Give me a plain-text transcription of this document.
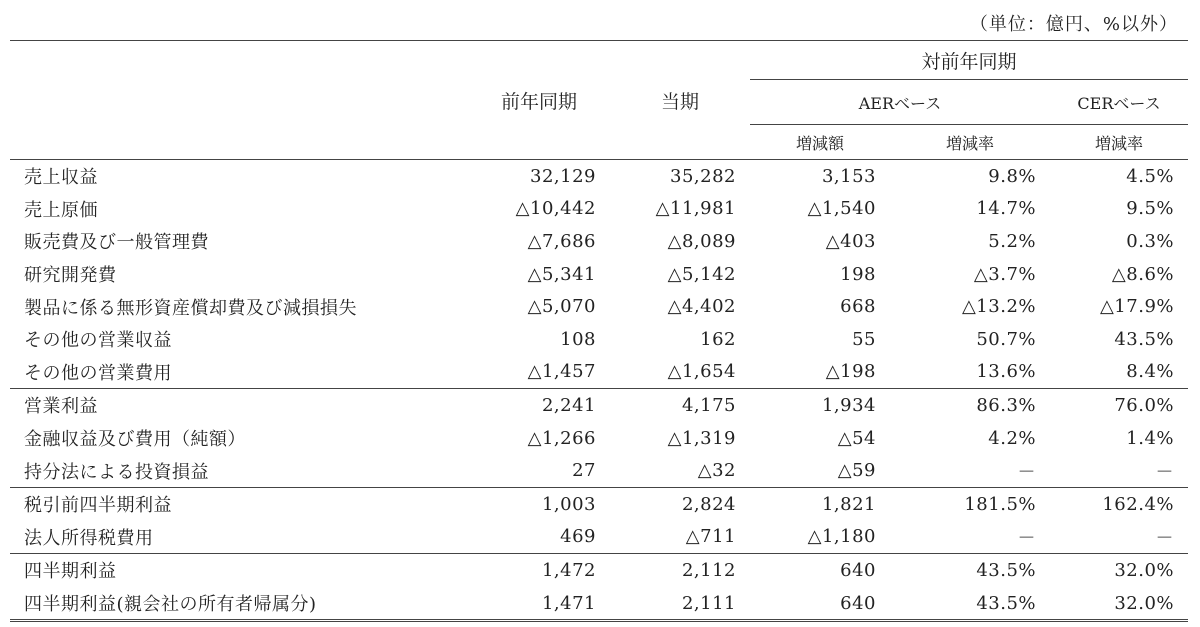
（単位：億円、%以外）
	前年同期	当期	対前年同期		
			AERベース		CERベース
			増減額	増減率	増減率
売上収益	32,129	35,282	3,153	9.8%	4.5%
売上原価	△10,442	△11,981	△1,540	14.7%	9.5%
販売費及び一般管理費	△7,686	△8,089	△403	5.2%	0.3%
研究開発費	△5,341	△5,142	198	△3.7%	△8.6%
製品に係る無形資産償却費及び減損損失	△5,070	△4,402	668	△13.2%	△17.9%
その他の営業収益	108	162	55	50.7%	43.5%
その他の営業費用	△1,457	△1,654	△198	13.6%	8.4%
営業利益	2,241	4,175	1,934	86.3%	76.0%
金融収益及び費用（純額）	△1,266	△1,319	△54	4.2%	1.4%
持分法による投資損益	27	△32	△59	－	－
税引前四半期利益	1,003	2,824	1,821	181.5%	162.4%
法人所得税費用	469	△711	△1,180	－	－
四半期利益	1,472	2,112	640	43.5%	32.0%
四半期利益(親会社の所有者帰属分)	1,471	2,111	640	43.5%	32.0%
